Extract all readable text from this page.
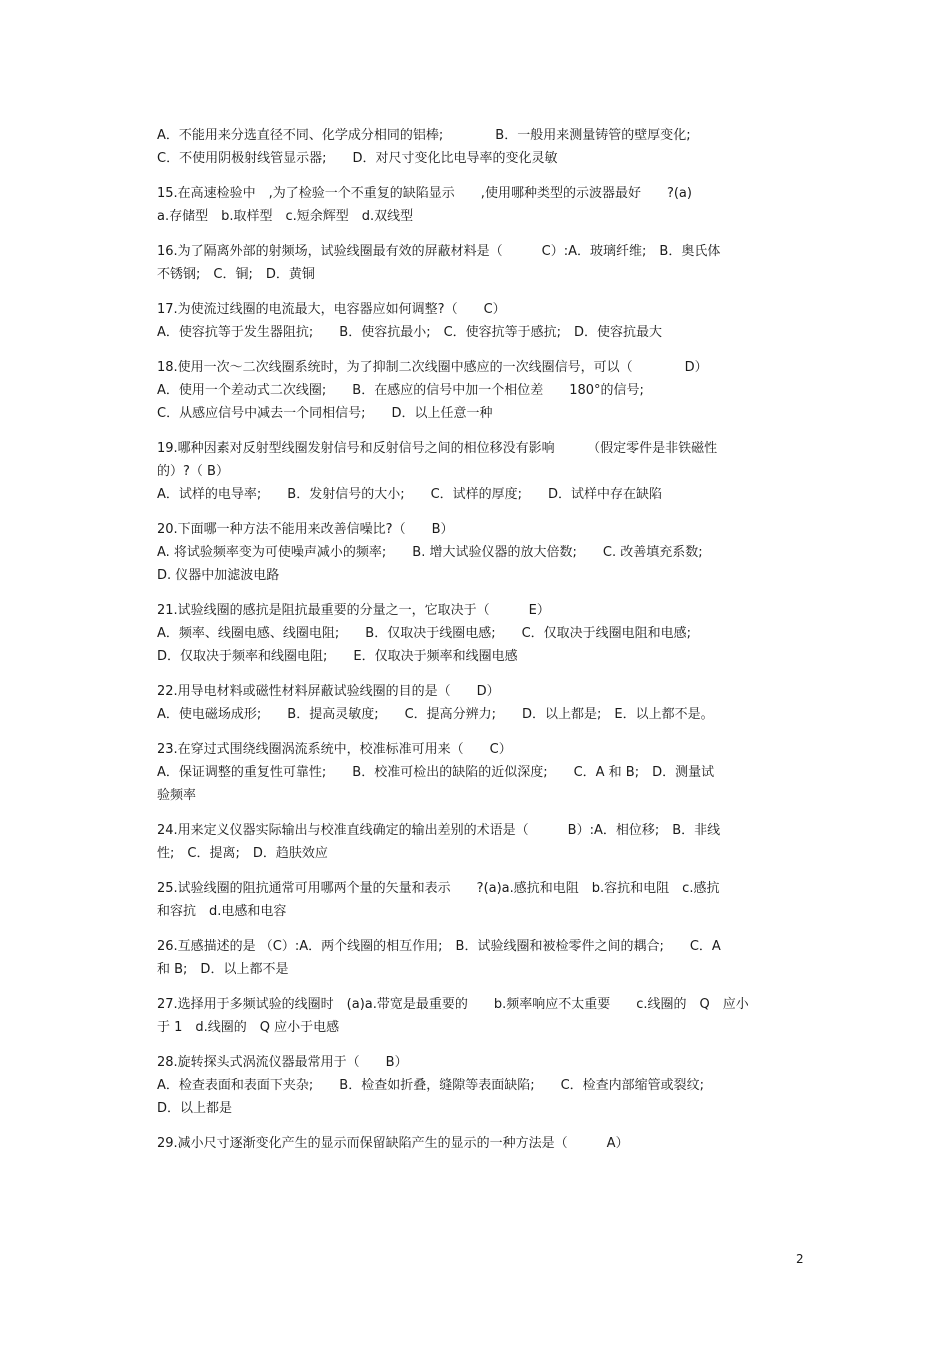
A．不能用来分选直径不同、化学成分相同的铝棒;　　　　B．一般用来测量铸管的壁厚变化;
C．不使用阴极射线管显示器;　　D．对尺寸变化比电导率的变化灵敏
15.在高速检验中　,为了检验一个不重复的缺陷显示　　,使用哪种类型的示波器最好　　?(a)
a.存储型　b.取样型　c.短余辉型　d.双线型
16.为了隔离外部的射频场，试验线圈最有效的屏蔽材料是（　　　C）:A．玻璃纤维;　B．奥氏体
不锈钢;　C．铜;　D．黄铜
17.为使流过线圈的电流最大，电容器应如何调整?（　　C）
A．使容抗等于发生器阻抗;　　B．使容抗最小;　C．使容抗等于感抗;　D．使容抗最大
18.使用一次～二次线圈系统时，为了抑制二次线圈中感应的一次线圈信号，可以（　　　　D）
A．使用一个差动式二次线圈;　　B．在感应的信号中加一个相位差　　180°的信号;
C．从感应信号中减去一个同相信号;　　D．以上任意一种
19.哪种因素对反射型线圈发射信号和反射信号之间的相位移没有影响　　　（假定零件是非铁磁性
的）?（ B）
A．试样的电导率;　　B．发射信号的大小;　　C．试样的厚度;　　D．试样中存在缺陷
20.下面哪一种方法不能用来改善信噪比?（　　B）
A. 将试验频率变为可使噪声减小的频率;　　B. 增大试验仪器的放大倍数;　　C. 改善填充系数;
D. 仪器中加滤波电路
21.试验线圈的感抗是阻抗最重要的分量之一，它取决于（　　　E）
A．频率、线圈电感、线圈电阻;　　B．仅取决于线圈电感;　　C．仅取决于线圈电阻和电感;
D．仅取决于频率和线圈电阻;　　E．仅取决于频率和线圈电感
22.用导电材料或磁性材料屏蔽试验线圈的目的是（　　D）
A．使电磁场成形;　　B．提高灵敏度;　　C．提高分辨力;　　D．以上都是;　E．以上都不是。
23.在穿过式围绕线圈涡流系统中，校准标准可用来（　　C）
A．保证调整的重复性可靠性;　　B．校准可检出的缺陷的近似深度;　　C．A 和 B;　D．测量试
验频率
24.用来定义仪器实际输出与校准直线确定的输出差别的术语是（　　　B）:A．相位移;　B．非线
性;　C．提离;　D．趋肤效应
25.试验线圈的阻抗通常可用哪两个量的矢量和表示　　?(a)a.感抗和电阻　b.容抗和电阻　c.感抗
和容抗　d.电感和电容
26.互感描述的是 （C）:A．两个线圈的相互作用;　B．试验线圈和被检零件之间的耦合;　　C．A
和 B;　D．以上都不是
27.选择用于多频试验的线圈时　(a)a.带宽是最重要的　　b.频率响应不太重要　　c.线圈的　Q　应小
于 1　d.线圈的　Q 应小于电感
28.旋转探头式涡流仪器最常用于（　　B）
A．检查表面和表面下夹杂;　　B．检查如折叠，缝隙等表面缺陷;　　C．检查内部缩管或裂纹;
D．以上都是
29.减小尺寸逐渐变化产生的显示而保留缺陷产生的显示的一种方法是（　　　A）
2
